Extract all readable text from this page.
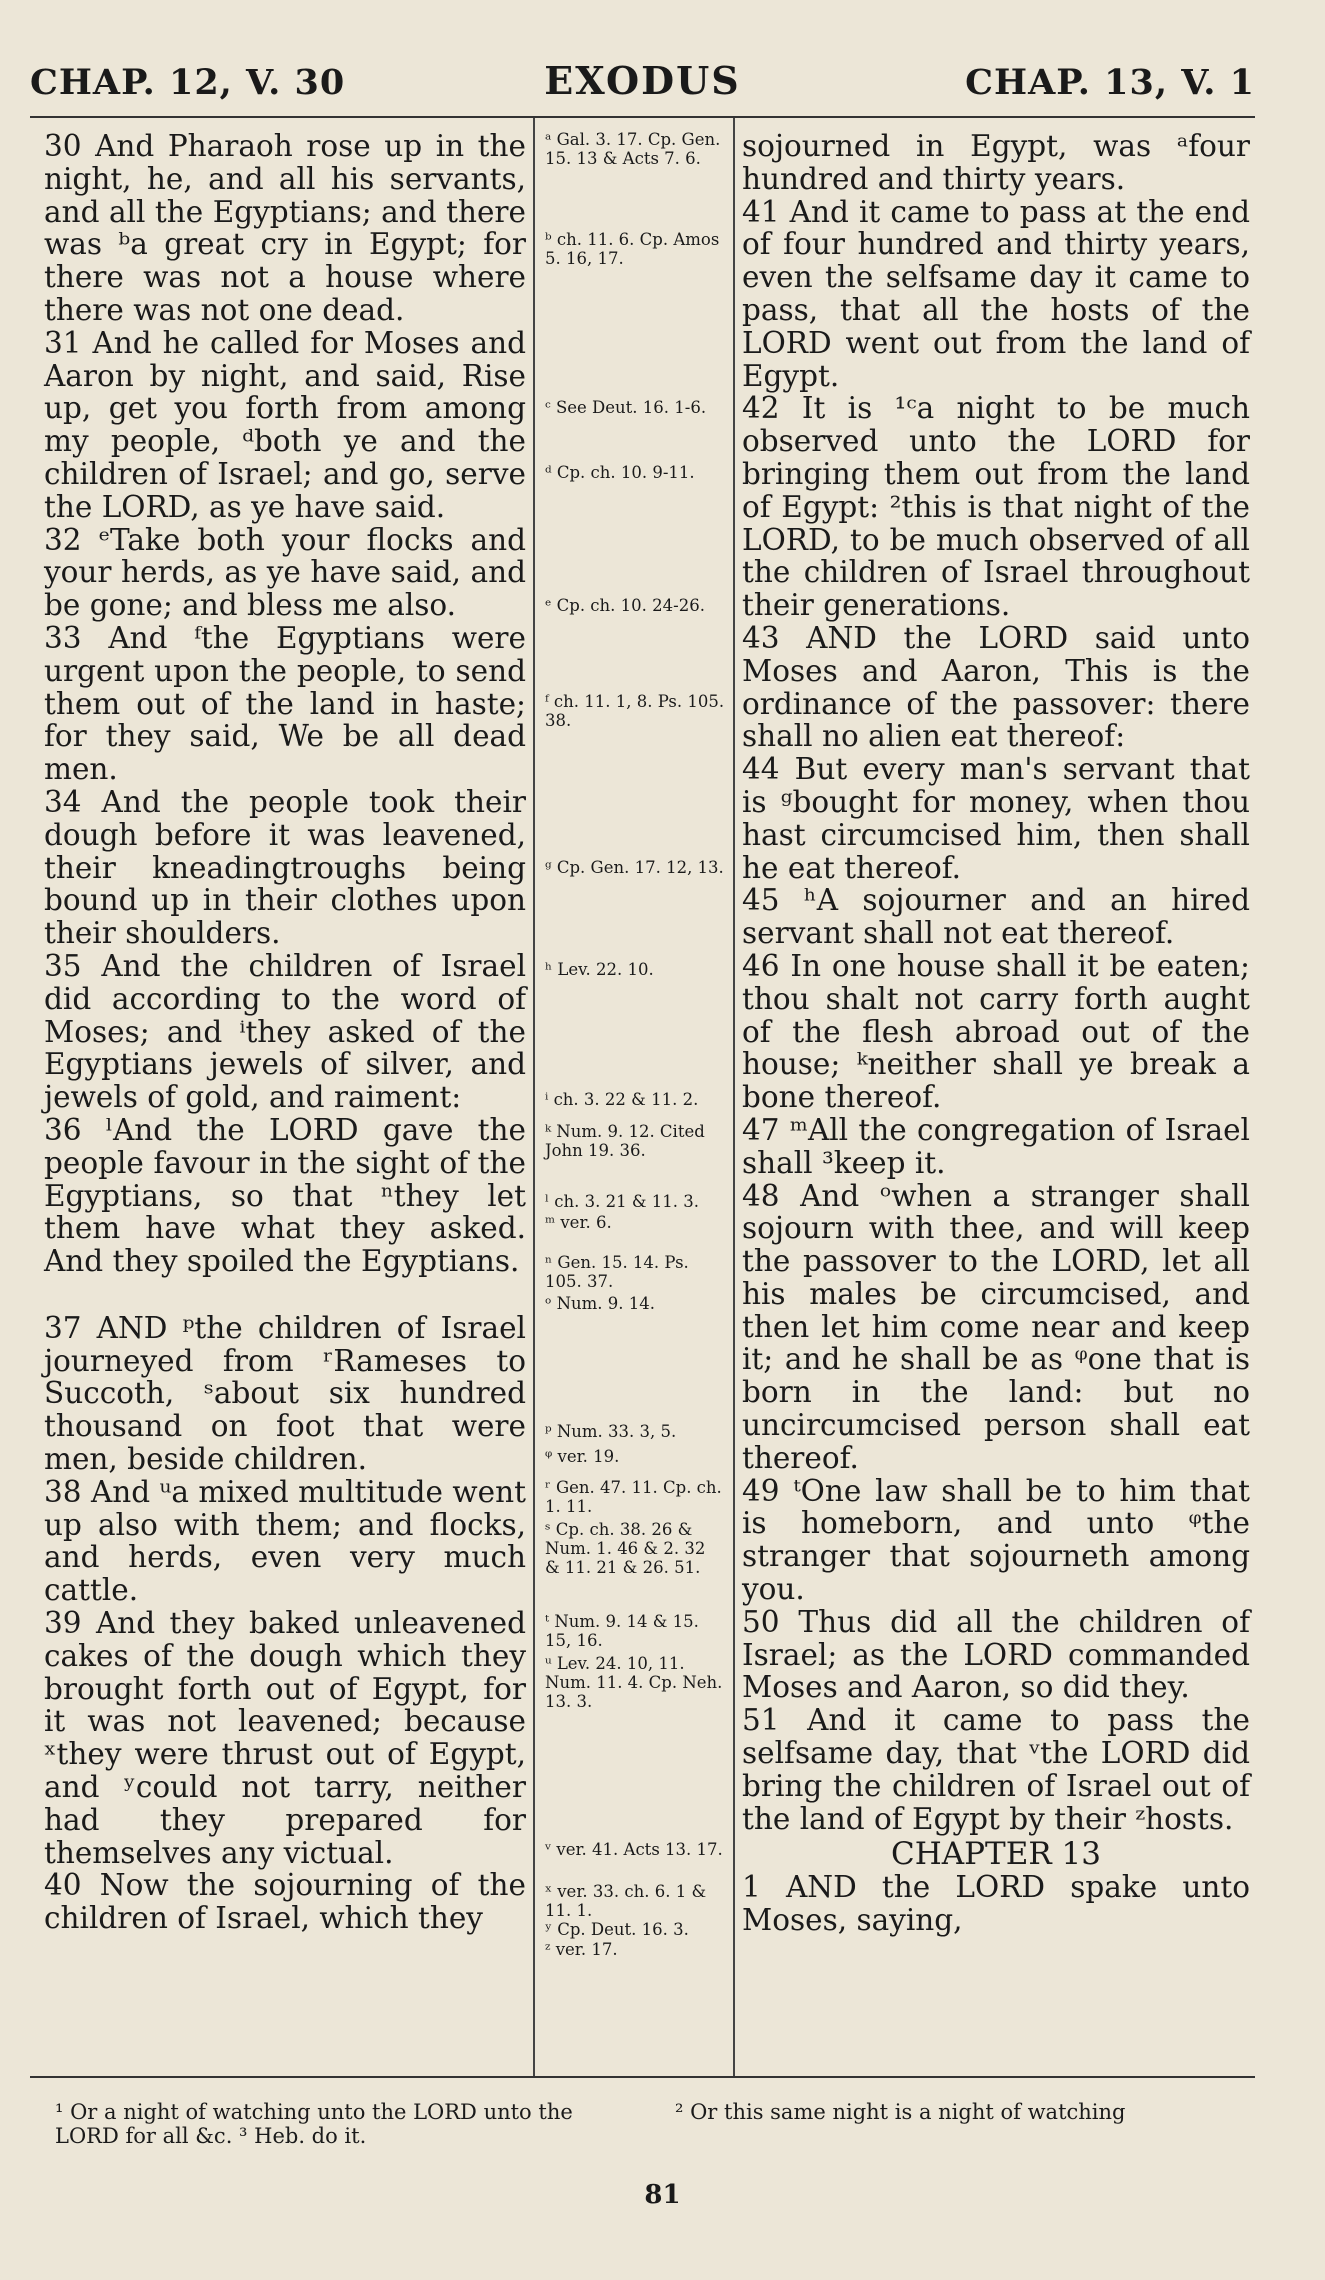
CHAP. 12, V. 30	EXODUS	CHAP. 13, V. 1

30 And Pharaoh rose up in the night, he, and all his servants, and all the Egyptians; and there was ᵇa great cry in Egypt; for there was not a house where there was not one dead.

31 And he called for Moses and Aaron by night, and said, Rise up, get you forth from among my people, ᵈboth ye and the children of Israel; and go, serve the LORD, as ye have said.

32 ᵉTake both your flocks and your herds, as ye have said, and be gone; and bless me also.

33 And ᶠthe Egyptians were urgent upon the people, to send them out of the land in haste; for they said, We be all dead men.

34 And the people took their dough before it was leavened, their kneadingtroughs being bound up in their clothes upon their shoulders.

35 And the children of Israel did according to the word of Moses; and ⁱthey asked of the Egyptians jewels of silver, and jewels of gold, and raiment:

36 ˡAnd the LORD gave the people favour in the sight of the Egyptians, so that ⁿthey let them have what they asked. And they spoiled the Egyptians.

37 AND ᵖthe children of Israel journeyed from ʳRameses to Succoth, ˢabout six hundred thousand on foot that were men, beside children.

38 And ᵘa mixed multitude went up also with them; and flocks, and herds, even very much cattle.

39 And they baked unleavened cakes of the dough which they brought forth out of Egypt, for it was not leavened; because ˣthey were thrust out of Egypt, and ʸcould not tarry, neither had they prepared for themselves any victual.

40 Now the sojourning of the children of Israel, which they

ᵃ Gal. 3. 17. Cp. Gen. 15. 13 & Acts 7. 6.
ᵇ ch. 11. 6. Cp. Amos 5. 16, 17.
ᶜ See Deut. 16. 1-6.
ᵈ Cp. ch. 10. 9-11.
ᵉ Cp. ch. 10. 24-26.
ᶠ ch. 11. 1, 8. Ps. 105. 38.
ᵍ Cp. Gen. 17. 12, 13.
ʰ Lev. 22. 10.
ⁱ ch. 3. 22 & 11. 2.
ᵏ Num. 9. 12. Cited John 19. 36.
ˡ ch. 3. 21 & 11. 3.
ᵐ ver. 6.
ⁿ Gen. 15. 14. Ps. 105. 37.
ᵒ Num. 9. 14.
ᵖ Num. 33. 3, 5.
ᵠ ver. 19.
ʳ Gen. 47. 11. Cp. ch. 1. 11.
ˢ Cp. ch. 38. 26 & Num. 1. 46 & 2. 32 & 11. 21 & 26. 51.
ᵗ Num. 9. 14 & 15. 15, 16.
ᵘ Lev. 24. 10, 11. Num. 11. 4. Cp. Neh. 13. 3.
ᵛ ver. 41. Acts 13. 17.
ˣ ver. 33. ch. 6. 1 & 11. 1.
ʸ Cp. Deut. 16. 3.
ᶻ ver. 17.

sojourned in Egypt, was ᵃfour hundred and thirty years.

41 And it came to pass at the end of four hundred and thirty years, even the selfsame day it came to pass, that all the hosts of the LORD went out from the land of Egypt.

42 It is ¹ᶜa night to be much observed unto the LORD for bringing them out from the land of Egypt: ²this is that night of the LORD, to be much observed of all the children of Israel throughout their generations.

43 AND the LORD said unto Moses and Aaron, This is the ordinance of the passover: there shall no alien eat thereof:

44 But every man's servant that is ᵍbought for money, when thou hast circumcised him, then shall he eat thereof.

45 ʰA sojourner and an hired servant shall not eat thereof.

46 In one house shall it be eaten; thou shalt not carry forth aught of the flesh abroad out of the house; ᵏneither shall ye break a bone thereof.

47 ᵐAll the congregation of Israel shall ³keep it.

48 And ᵒwhen a stranger shall sojourn with thee, and will keep the passover to the LORD, let all his males be circumcised, and then let him come near and keep it; and he shall be as ᵠone that is born in the land: but no uncircumcised person shall eat thereof.

49 ᵗOne law shall be to him that is homeborn, and unto ᵠthe stranger that sojourneth among you.

50 Thus did all the children of Israel; as the LORD commanded Moses and Aaron, so did they.

51 And it came to pass the selfsame day, that ᵛthe LORD did bring the children of Israel out of the land of Egypt by their ᶻhosts.

CHAPTER 13

1 AND the LORD spake unto Moses, saying,

¹ Or a night of watching unto the LORD unto the LORD for all &c. ³ Heb. do it.
² Or this same night is a night of watching
81
